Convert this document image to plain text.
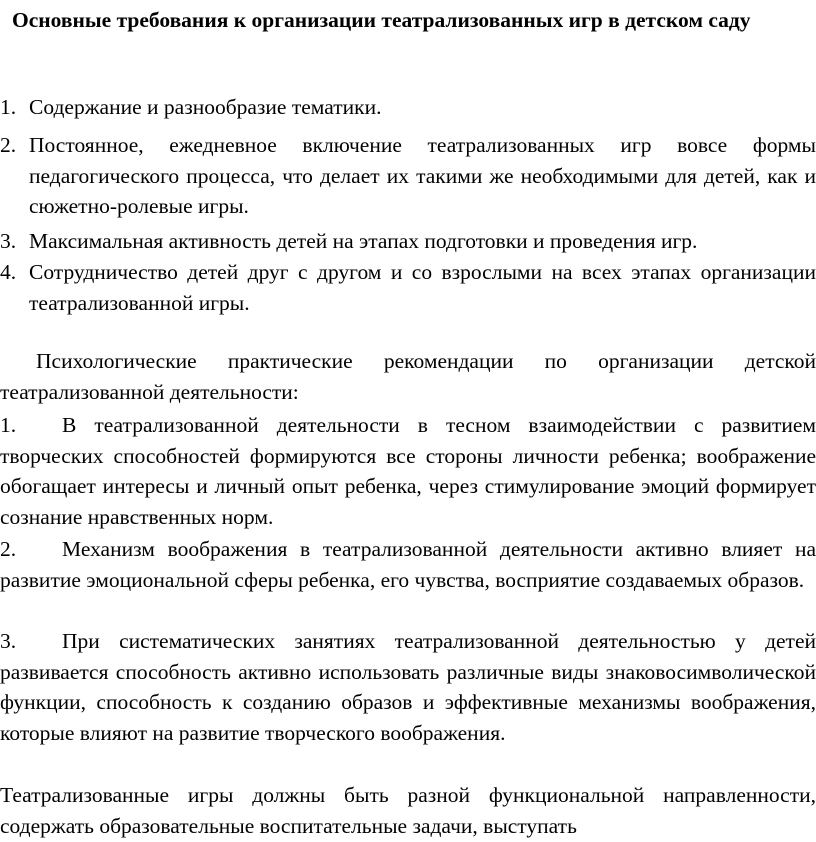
Основные требования к организации театрализованных игр в детском саду
1. Содержание и разнообразие тематики.
2. Постоянное, ежедневное включение театрализованных игр вовсе формы педагогического процесса, что делает их такими же необходимыми для детей, как и сюжетно-ролевые игры.
3. Максимальная активность детей на этапах подготовки и проведения игр.
4. Сотрудничество детей друг с другом и со взрослыми на всех этапах организации театрализованной игры.
Психологические практические рекомендации по организации детской театрализованной деятельности:
1. В театрализованной деятельности в тесном взаимодействии с развитием творческих способностей формируются все стороны личности ребенка; воображение обогащает интересы и личный опыт ребенка, через стимулирование эмоций формирует сознание нравственных норм.
2. Механизм воображения в театрализованной деятельности активно влияет на развитие эмоциональной сферы ребенка, его чувства, восприятие создаваемых образов.
3. При систематических занятиях театрализованной деятельностью у детей развивается способность активно использовать различные виды знаковосимволической функции, способность к созданию образов и эффективные механизмы воображения, которые влияют на развитие творческого воображения.
Театрализованные игры должны быть разной функциональной направленности, содержать образовательные воспитательные задачи, выступать
